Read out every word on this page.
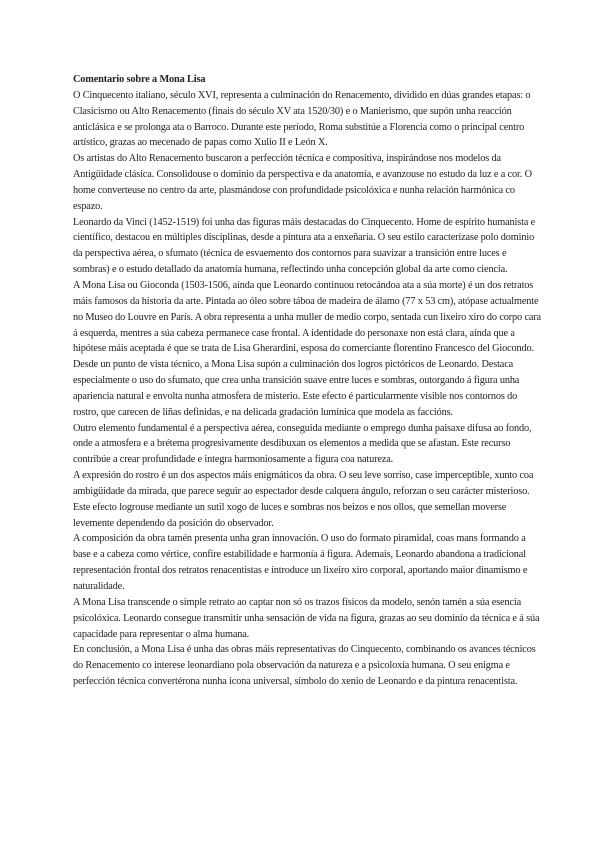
Comentario sobre a Mona Lisa

O Cinquecento italiano, século XVI, representa a culminación do Renacemento, dividido en dúas grandes etapas: o Clasicismo ou Alto Renacemento (finais do século XV ata 1520/30) e o Manierismo, que supón unha reacción anticlásica e se prolonga ata o Barroco. Durante este período, Roma substitúe a Florencia como o principal centro artístico, grazas ao mecenado de papas como Xulio II e León X.

Os artistas do Alto Renacemento buscaron a perfección técnica e compositiva, inspirándose nos modelos da Antigüidade clásica. Consolidouse o dominio da perspectiva e da anatomía, e avanzouse no estudo da luz e a cor. O home converteuse no centro da arte, plasmándose con profundidade psicolóxica e nunha relación harmónica co espazo.

Leonardo da Vinci (1452-1519) foi unha das figuras máis destacadas do Cinquecento. Home de espírito humanista e científico, destacou en múltiples disciplinas, desde a pintura ata a enxeñaría. O seu estilo caracterízase polo dominio da perspectiva aérea, o sfumato (técnica de esvaemento dos contornos para suavizar a transición entre luces e sombras) e o estudo detallado da anatomía humana, reflectindo unha concepción global da arte como ciencia.

A Mona Lisa ou Gioconda (1503-1506, aínda que Leonardo continuou retocándoa ata a súa morte) é un dos retratos máis famosos da historia da arte. Pintada ao óleo sobre táboa de madeira de álamo (77 x 53 cm), atópase actualmente no Museo do Louvre en París. A obra representa a unha muller de medio corpo, sentada cun lixeiro xiro do corpo cara á esquerda, mentres a súa cabeza permanece case frontal. A identidade do personaxe non está clara, aínda que a hipótese máis aceptada é que se trata de Lisa Gherardini, esposa do comerciante florentino Francesco del Giocondo.

Desde un punto de vista técnico, a Mona Lisa supón a culminación dos logros pictóricos de Leonardo. Destaca especialmente o uso do sfumato, que crea unha transición suave entre luces e sombras, outorgando á figura unha apariencia natural e envolta nunha atmosfera de misterio. Este efecto é particularmente visible nos contornos do rostro, que carecen de liñas definidas, e na delicada gradación lumínica que modela as faccións.

Outro elemento fundamental é a perspectiva aérea, conseguida mediante o emprego dunha paisaxe difusa ao fondo, onde a atmosfera e a brétema progresivamente desdibuxan os elementos a medida que se afastan. Este recurso contribúe a crear profundidade e integra harmoniosamente a figura coa natureza.

A expresión do rostro é un dos aspectos máis enigmáticos da obra. O seu leve sorriso, case imperceptible, xunto coa ambigüidade da mirada, que parece seguir ao espectador desde calquera ángulo, reforzan o seu carácter misterioso. Este efecto logrouse mediante un sutil xogo de luces e sombras nos beizos e nos ollos, que semellan moverse levemente dependendo da posición do observador.

A composición da obra tamén presenta unha gran innovación. O uso do formato piramidal, coas mans formando a base e a cabeza como vértice, confire estabilidade e harmonía á figura. Ademais, Leonardo abandona a tradicional representación frontal dos retratos renacentistas e introduce un lixeiro xiro corporal, aportando maior dinamismo e naturalidade.

A Mona Lisa transcende o simple retrato ao captar non só os trazos físicos da modelo, senón tamén a súa esencia psicolóxica. Leonardo consegue transmitir unha sensación de vida na figura, grazas ao seu dominio da técnica e á súa capacidade para representar o alma humana.

En conclusión, a Mona Lisa é unha das obras máis representativas do Cinquecento, combinando os avances técnicos do Renacemento co interese leonardiano pola observación da natureza e a psicoloxía humana. O seu enigma e perfección técnica convertérona nunha icona universal, símbolo do xenio de Leonardo e da pintura renacentista.
